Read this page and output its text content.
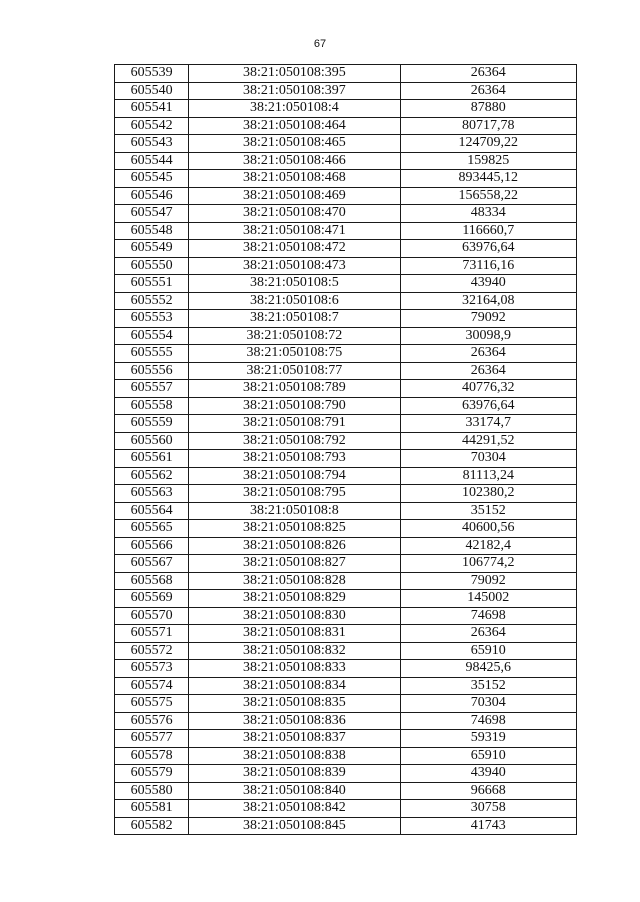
67
605539	38:21:050108:395	26364
605540	38:21:050108:397	26364
605541	38:21:050108:4	87880
605542	38:21:050108:464	80717,78
605543	38:21:050108:465	124709,22
605544	38:21:050108:466	159825
605545	38:21:050108:468	893445,12
605546	38:21:050108:469	156558,22
605547	38:21:050108:470	48334
605548	38:21:050108:471	116660,7
605549	38:21:050108:472	63976,64
605550	38:21:050108:473	73116,16
605551	38:21:050108:5	43940
605552	38:21:050108:6	32164,08
605553	38:21:050108:7	79092
605554	38:21:050108:72	30098,9
605555	38:21:050108:75	26364
605556	38:21:050108:77	26364
605557	38:21:050108:789	40776,32
605558	38:21:050108:790	63976,64
605559	38:21:050108:791	33174,7
605560	38:21:050108:792	44291,52
605561	38:21:050108:793	70304
605562	38:21:050108:794	81113,24
605563	38:21:050108:795	102380,2
605564	38:21:050108:8	35152
605565	38:21:050108:825	40600,56
605566	38:21:050108:826	42182,4
605567	38:21:050108:827	106774,2
605568	38:21:050108:828	79092
605569	38:21:050108:829	145002
605570	38:21:050108:830	74698
605571	38:21:050108:831	26364
605572	38:21:050108:832	65910
605573	38:21:050108:833	98425,6
605574	38:21:050108:834	35152
605575	38:21:050108:835	70304
605576	38:21:050108:836	74698
605577	38:21:050108:837	59319
605578	38:21:050108:838	65910
605579	38:21:050108:839	43940
605580	38:21:050108:840	96668
605581	38:21:050108:842	30758
605582	38:21:050108:845	41743
